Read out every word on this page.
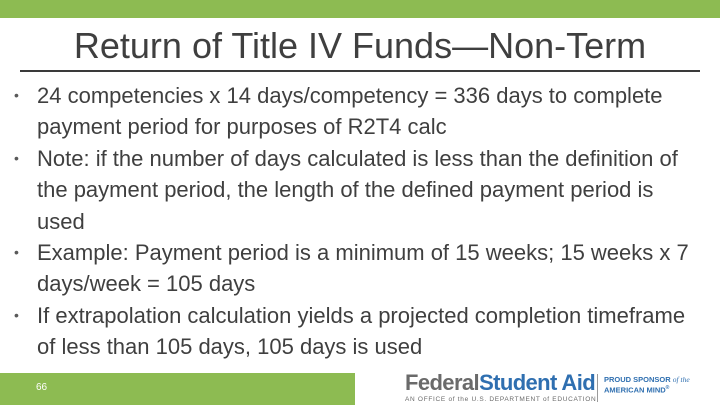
Return of Title IV Funds—Non-Term
• 24 competencies x 14 days/competency = 336 days to complete payment period for purposes of R2T4 calc
• Note: if the number of days calculated is less than the definition of the payment period, the length of the defined payment period is used
• Example: Payment period is a minimum of 15 weeks; 15 weeks x 7 days/week = 105 days
• If extrapolation calculation yields a projected completion timeframe of less than 105 days, 105 days is used
66	FederalStudent Aid
AN OFFICE of the U.S. DEPARTMENT of EDUCATION
PROUD SPONSOR of the
AMERICAN MIND®
